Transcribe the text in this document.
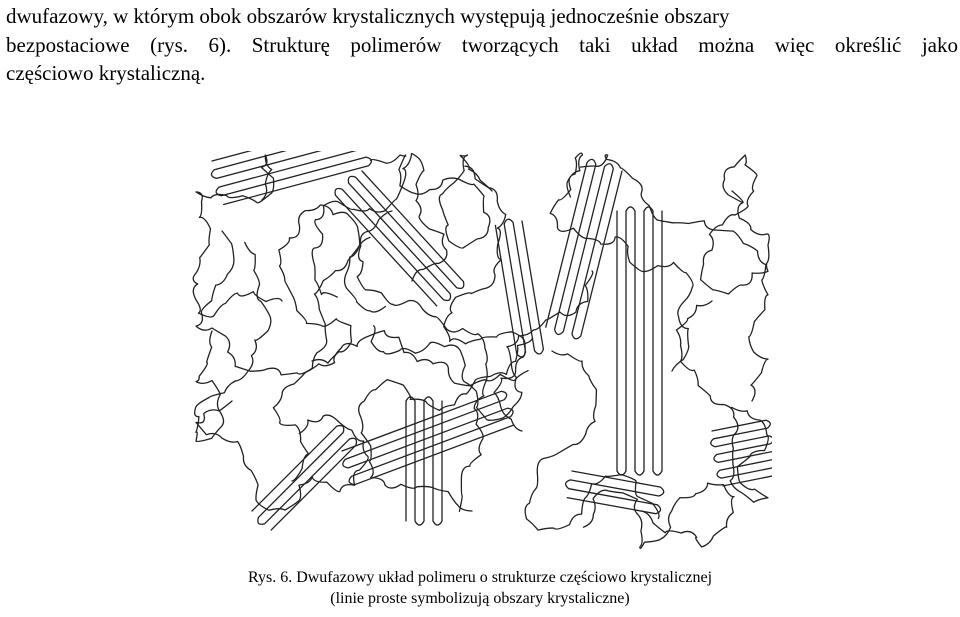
dwufazowy, w którym obok obszarów krystalicznych występują jednocześnie obszary
bezpostaciowe (rys. 6). Strukturę polimerów tworzących taki układ można więc określić jako
częściowo krystaliczną.

Rys. 6. Dwufazowy układ polimeru o strukturze częściowo krystalicznej
(linie proste symbolizują obszary krystaliczne)
